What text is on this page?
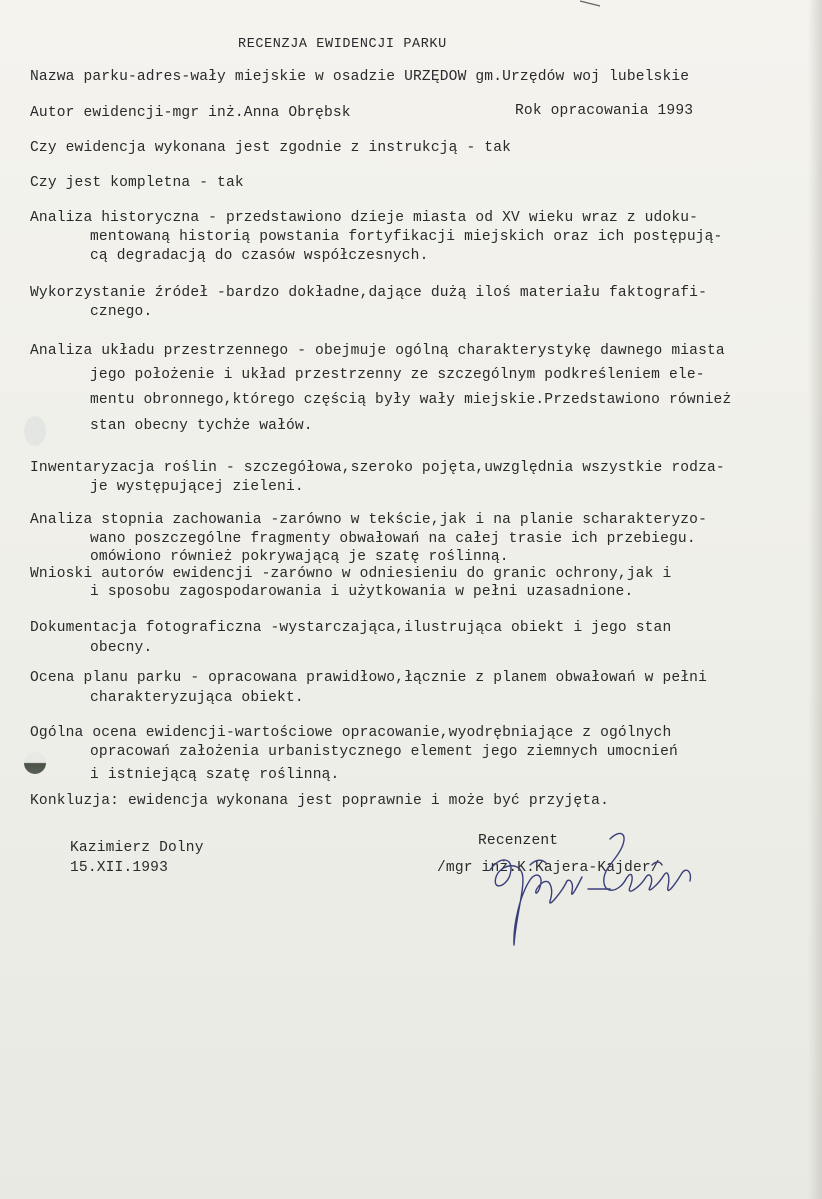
RECENZJA EWIDENCJI PARKU
Nazwa parku-adres-wały miejskie w osadzie URZĘDOW gm.Urzędów woj lubelskie
Autor ewidencji-mgr inż.Anna Obrębsk	Rok opracowania 1993
Czy ewidencja wykonana jest zgodnie z instrukcją - tak
Czy jest kompletna - tak
Analiza historyczna - przedstawiono dzieje miasta od XV wieku wraz z udoku-
mentowaną historią powstania fortyfikacji miejskich oraz ich postępują-
cą degradacją do czasów współczesnych.
Wykorzystanie źródeł -bardzo dokładne,dające dużą iloś materiału faktografi-
cznego.
Analiza układu przestrzennego - obejmuje ogólną charakterystykę dawnego miasta
jego położenie i układ przestrzenny ze szczególnym podkreśleniem ele-
mentu obronnego,którego częścią były wały miejskie.Przedstawiono również
stan obecny tychże wałów.
Inwentaryzacja roślin - szczegółowa,szeroko pojęta,uwzględnia wszystkie rodza-
je występującej zieleni.
Analiza stopnia zachowania -zarówno w tekście,jak i na planie scharakteryzo-
wano poszczególne fragmenty obwałowań na całej trasie ich przebiegu.
omówiono również pokrywającą je szatę roślinną.
Wnioski autorów ewidencji -zarówno w odniesieniu do granic ochrony,jak i
i sposobu zagospodarowania i użytkowania w pełni uzasadnione.
Dokumentacja fotograficzna -wystarczająca,ilustrująca obiekt i jego stan
obecny.
Ocena planu parku - opracowana prawidłowo,łącznie z planem obwałowań w pełni
charakteryzująca obiekt.
Ogólna ocena ewidencji-wartościowe opracowanie,wyodrębniające z ogólnych
opracowań założenia urbanistycznego element jego ziemnych umocnień
i istniejącą szatę roślinną.
Konkluzja: ewidencja wykonana jest poprawnie i może być przyjęta.
Kazimierz Dolny
15.XII.1993
Recenzent
/mgr inż.K.Kajera-Kajder/
